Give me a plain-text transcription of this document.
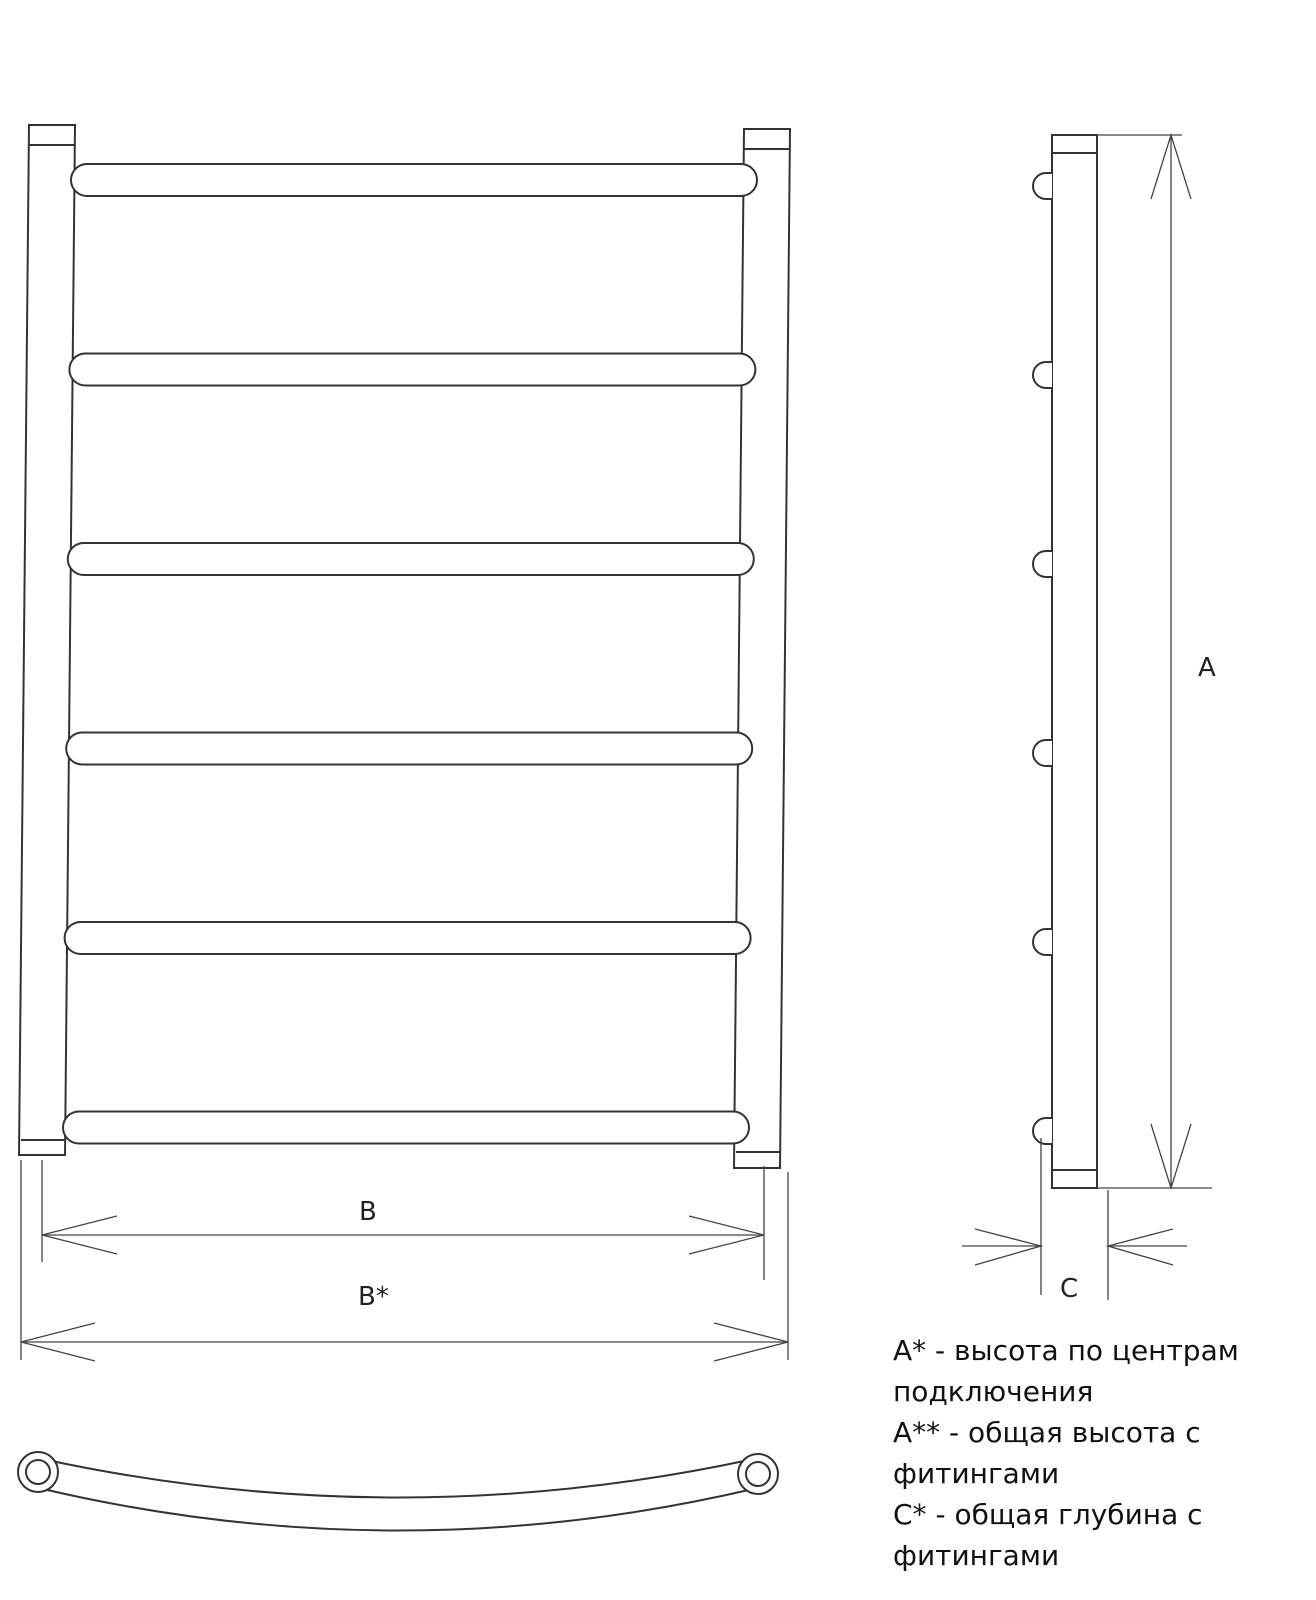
B
B*
A
C
A* - высота по центрам
подключения
A** - общая высота с
фитингами
С* - общая глубина с
фитингами
